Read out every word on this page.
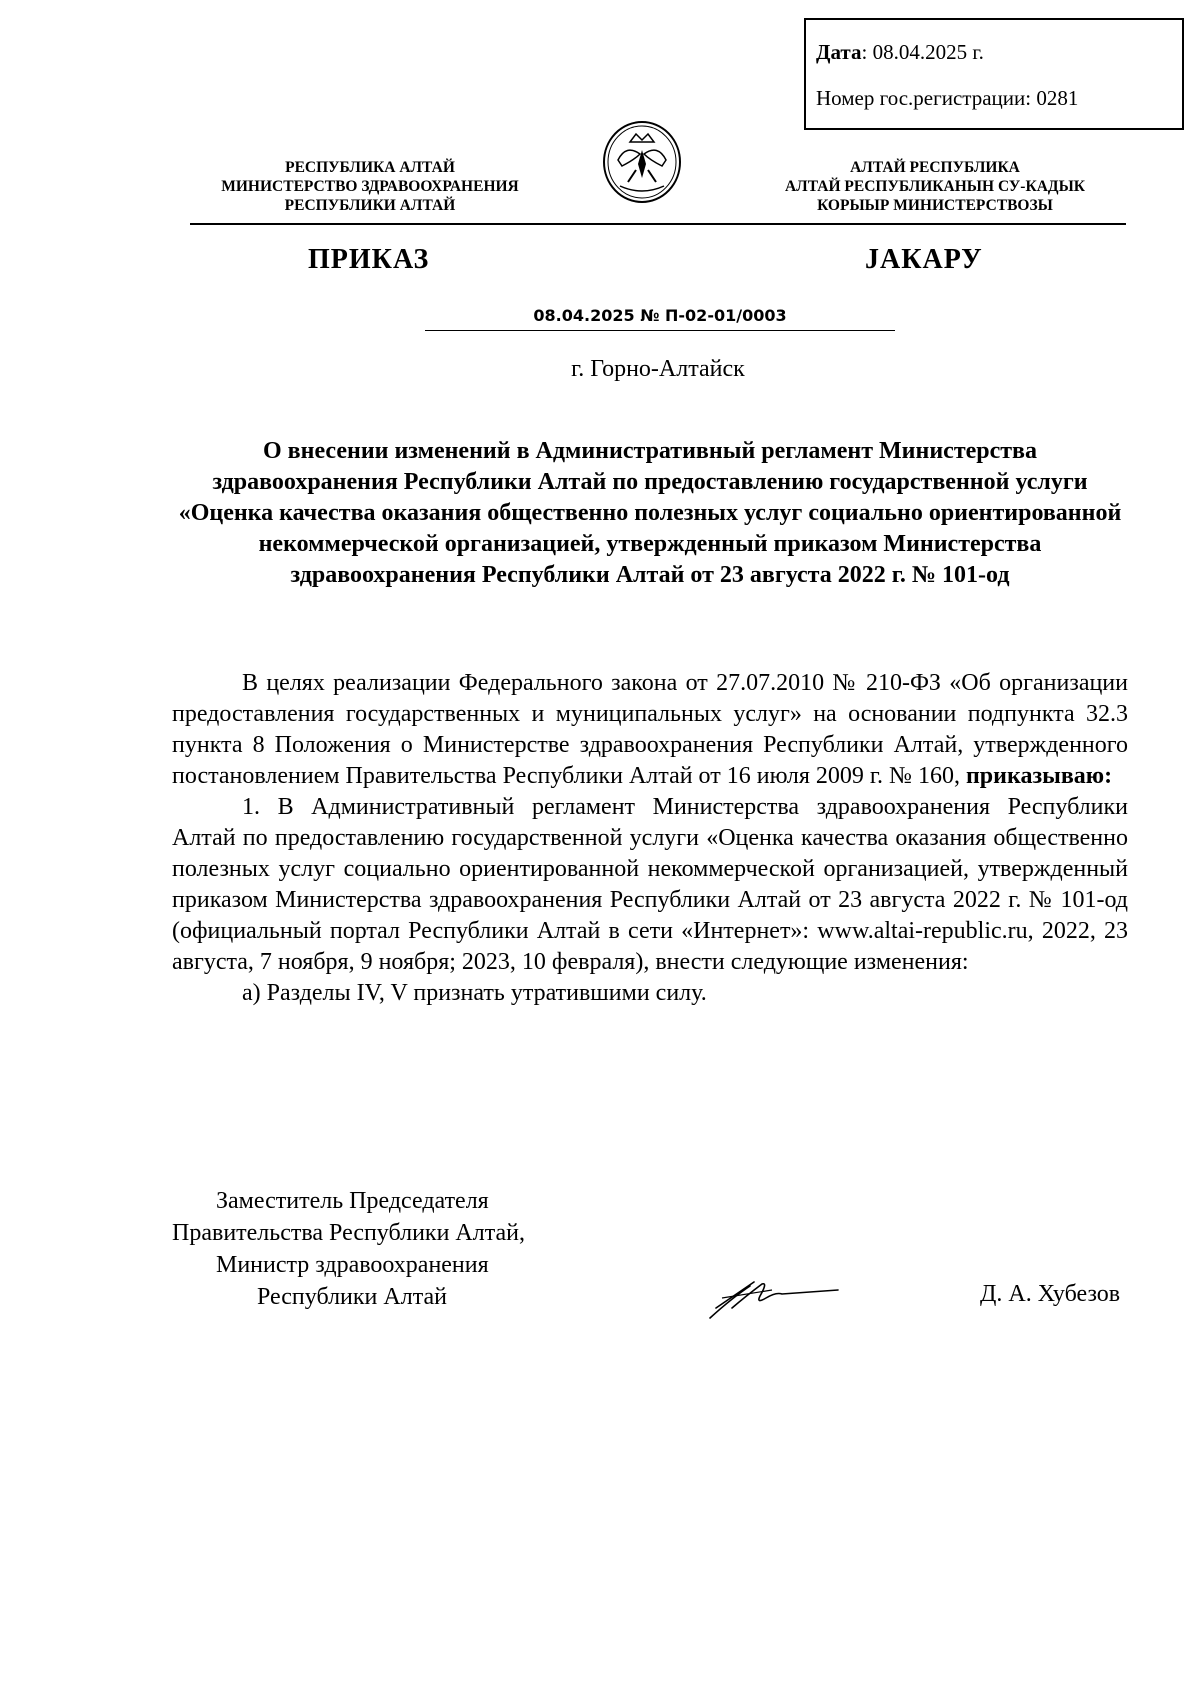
Дата: 08.04.2025 г.
Номер гос.регистрации: 0281
РЕСПУБЛИКА АЛТАЙ
МИНИСТЕРСТВО ЗДРАВООХРАНЕНИЯ
РЕСПУБЛИКИ АЛТАЙ
АЛТАЙ РЕСПУБЛИКА
АЛТАЙ РЕСПУБЛИКАНЫН СУ-КАДЫК
КОРЫЫР МИНИСТЕРСТВОЗЫ
ПРИКАЗ	JАКАРУ
08.04.2025 № П-02-01/0003
г. Горно-Алтайск
О внесении изменений в Административный регламент Министерства здравоохранения Республики Алтай по предоставлению государственной услуги «Оценка качества оказания общественно полезных услуг социально ориентированной некоммерческой организацией, утвержденный приказом Министерства здравоохранения Республики Алтай от 23 августа 2022 г. № 101-од

В целях реализации Федерального закона от 27.07.2010 № 210-ФЗ «Об организации предоставления государственных и муниципальных услуг» на основании подпункта 32.3 пункта 8 Положения о Министерстве здравоохранения Республики Алтай, утвержденного постановлением Правительства Республики Алтай от 16 июля 2009 г. № 160, приказываю:

1. В Административный регламент Министерства здравоохранения Республики Алтай по предоставлению государственной услуги «Оценка качества оказания общественно полезных услуг социально ориентированной некоммерческой организацией, утвержденный приказом Министерства здравоохранения Республики Алтай от 23 августа 2022 г. № 101-од (официальный портал Республики Алтай в сети «Интернет»: www.altai-republic.ru, 2022, 23 августа, 7 ноября, 9 ноября; 2023, 10 февраля), внести следующие изменения:

а) Разделы IV, V признать утратившими силу.

Заместитель Председателя
Правительства Республики Алтай,
Министр здравоохранения
Республики Алтай	Д. А. Хубезов
